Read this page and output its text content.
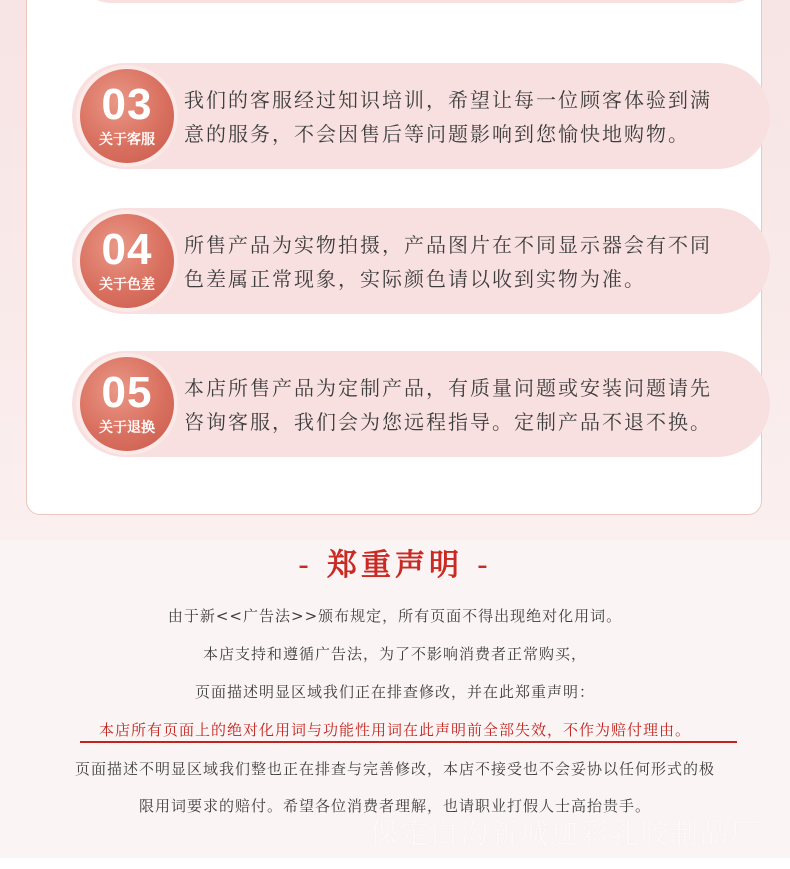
03
关于客服
我们的客服经过知识培训，希望让每一位顾客体验到满
意的服务，不会因售后等问题影响到您愉快地购物。
04
关于色差
所售产品为实物拍摄，产品图片在不同显示器会有不同
色差属正常现象，实际颜色请以收到实物为准。
05
关于退换
本店所售产品为定制产品，有质量问题或安装问题请先
咨询客服，我们会为您远程指导。定制产品不退不换。
- 郑重声明 -
由于新<<广告法>>颁布规定，所有页面不得出现绝对化用词。
本店支持和遵循广告法，为了不影响消费者正常购买，
页面描述明显区域我们正在排查修改，并在此郑重声明：
本店所有页面上的绝对化用词与功能性用词在此声明前全部失效，不作为赔付理由。
页面描述不明显区域我们整也正在排查与完善修改，本店不接受也不会妥协以任何形式的极
限用词要求的赔付。希望各位消费者理解，也请职业打假人士高抬贵手。
保定白沟新城迦彩乳胶制品厂
